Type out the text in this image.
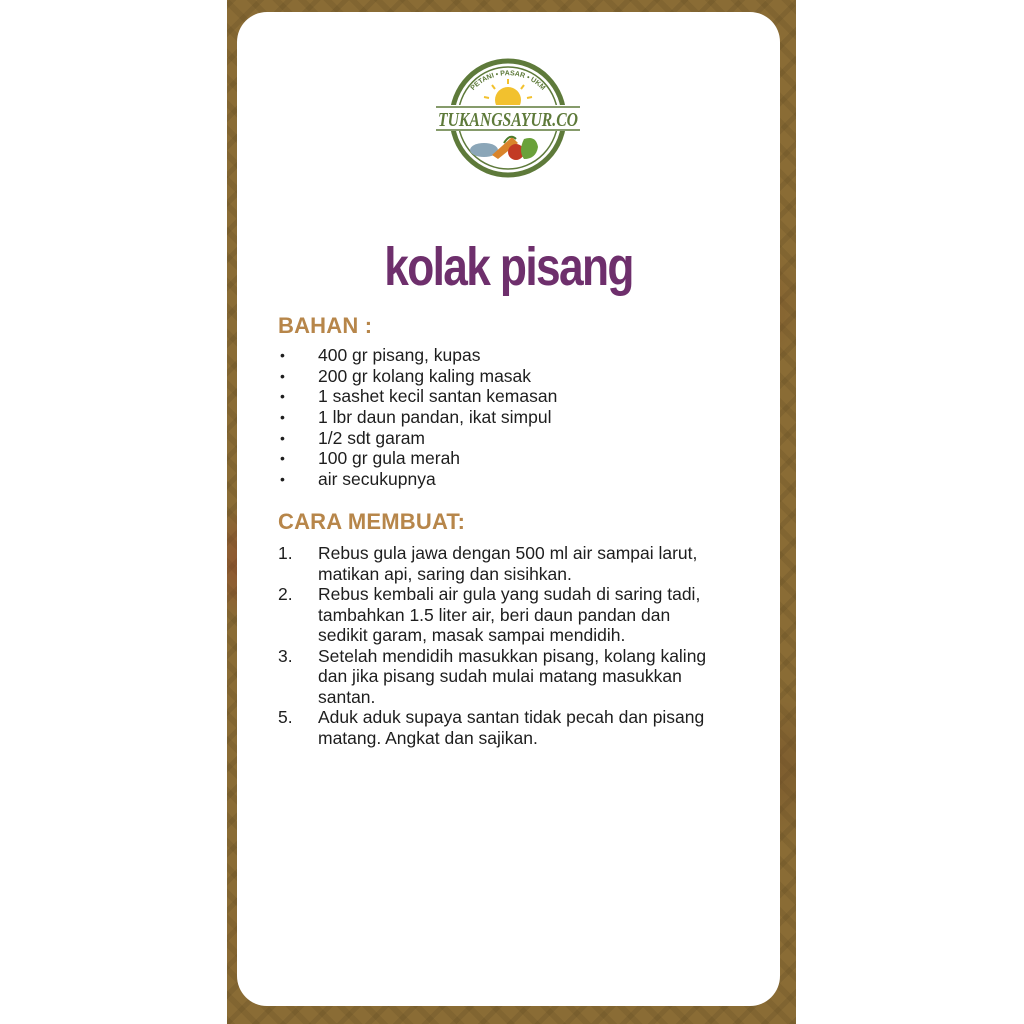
PETANI • PASAR • UKM
TUKANGSAYUR.CO
kolak pisang
BAHAN :
• 400 gr pisang, kupas
• 200 gr kolang kaling masak
• 1 sashet kecil santan kemasan
• 1 lbr daun pandan, ikat simpul
• 1/2 sdt garam
• 100 gr gula merah
• air secukupnya
CARA MEMBUAT:
1. Rebus gula jawa dengan 500 ml air sampai larut,
matikan api, saring dan sisihkan.
2. Rebus kembali air gula yang sudah di saring tadi,
tambahkan 1.5 liter air, beri daun pandan dan
sedikit garam, masak sampai mendidih.
3. Setelah mendidih masukkan pisang, kolang kaling
dan jika pisang sudah mulai matang masukkan
santan.
5. Aduk aduk supaya santan tidak pecah dan pisang
matang. Angkat dan sajikan.
